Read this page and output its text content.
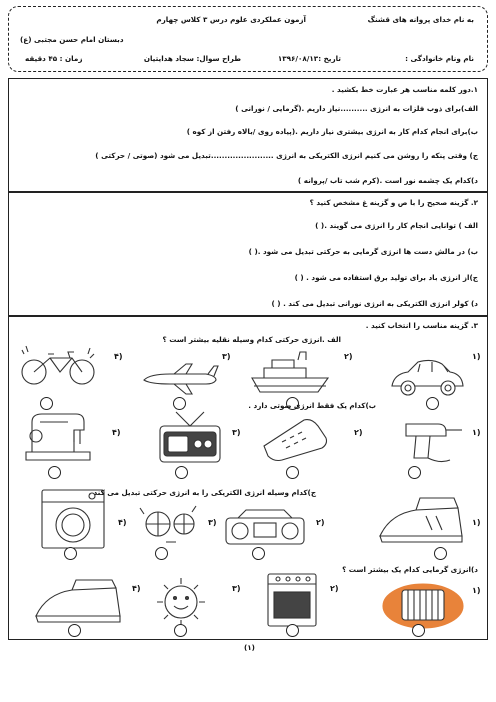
به نام خدای پروانه های قشنگ
آزمون عملکردی علوم درس ۳ کلاس چهارم
دبستان امام حسن مجتبی (ع)
نام ونام خانوادگی :
تاریخ :۱۳۹۶/۰۸/۱۳
طراح سوال: سجاد هدایتیان
زمان : ۴۵ دقیقه
۱.دور کلمه مناسب هر عبارت خط بکشید .
الف)برای ذوب فلزات به انرژی ..........نیاز داریم .(گرمایی / نورانی )
ب)برای انجام کدام کار به انرژی بیشتری نیاز داریم .(پیاده روی /بالاه رفتن از کوه )
ج) وقتی پنکه را روشن می کنیم انرژی الکتریکی به انرژی .......................تبدیل می شود (صوتی / حرکتی )
د)کدام یک چشمه نور است .(کرم شب تاب /پروانه )
۲. گزینه صحیح را با ص و گزینه غ مشخص کنید ؟
الف ) توانایی انجام کار را انرژی می گویند .( )
ب) در مالش دست ها انرژی گرمایی به حرکتی تبدیل می شود .( )
ج)از انرژی باد برای تولید برق استفاده می شود . ( )
د) کولر انرژی الکتریکی به انرژی نورانی تبدیل می کند . ( )
۳. گزینه مناسب را انتخاب کنید .
الف .انرژی حرکتی کدام وسیله نقلیه بیشتر است ؟
۱)
۲)
۳)
۴)
ب)کدام یک فقط انرژی صوتی دارد .
۱)
۲)
۳)
۴)
ج)کدام وسیله انرژی الکتریکی را به انرژی حرکتی تبدیل می کند .
۱)
۲)
۳)
۴)
د)انرژی گرمایی کدام یک بیشتر است ؟
۱)
۲)
۳)
۴)
(۱)
